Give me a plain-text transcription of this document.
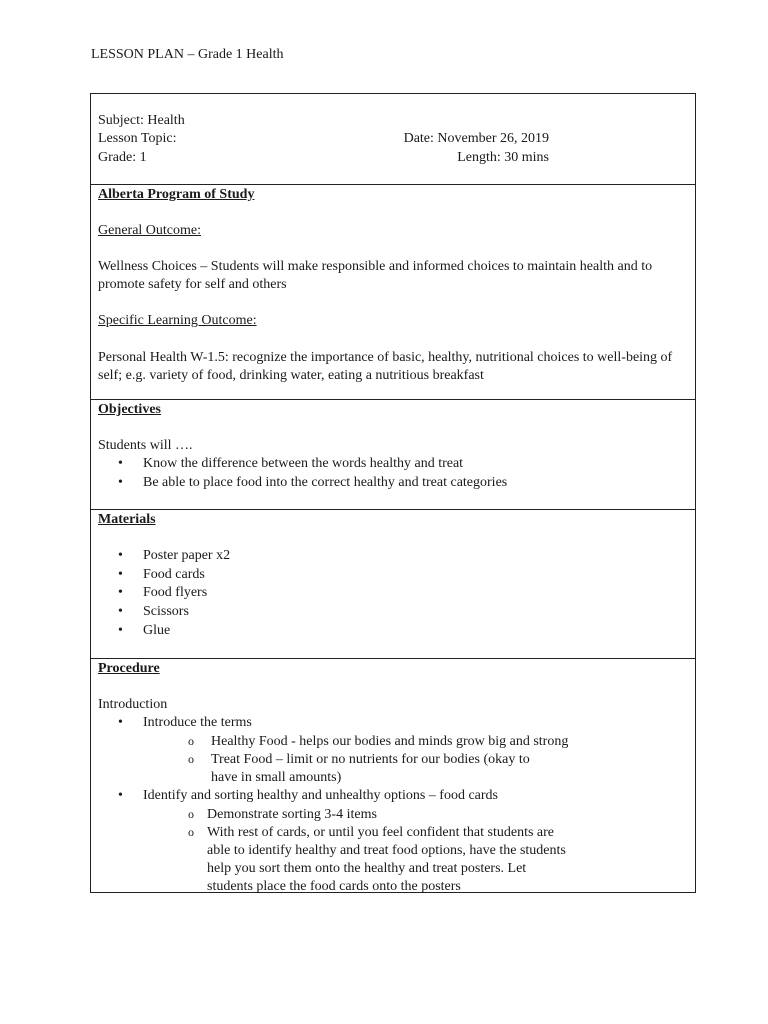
LESSON PLAN – Grade 1 Health
Subject: Health
Lesson Topic:	Date: November 26, 2019
Grade: 1	Length: 30 mins
Alberta Program of Study
General Outcome:
Wellness Choices – Students will make responsible and informed choices to maintain health and to promote safety for self and others
Specific Learning Outcome:
Personal Health W-1.5: recognize the importance of basic, healthy, nutritional choices to well-being of self; e.g. variety of food, drinking water, eating a nutritious breakfast
Objectives
Students will ….
• Know the difference between the words healthy and treat
• Be able to place food into the correct healthy and treat categories
Materials
• Poster paper x2
• Food cards
• Food flyers
• Scissors
• Glue
Procedure
Introduction
• Introduce the terms
o Healthy Food - helps our bodies and minds grow big and strong
o Treat Food – limit or no nutrients for our bodies (okay to have in small amounts)
• Identify and sorting healthy and unhealthy options – food cards
o Demonstrate sorting 3-4 items
o With rest of cards, or until you feel confident that students are able to identify healthy and treat food options, have the students help you sort them onto the healthy and treat posters. Let students place the food cards onto the posters
